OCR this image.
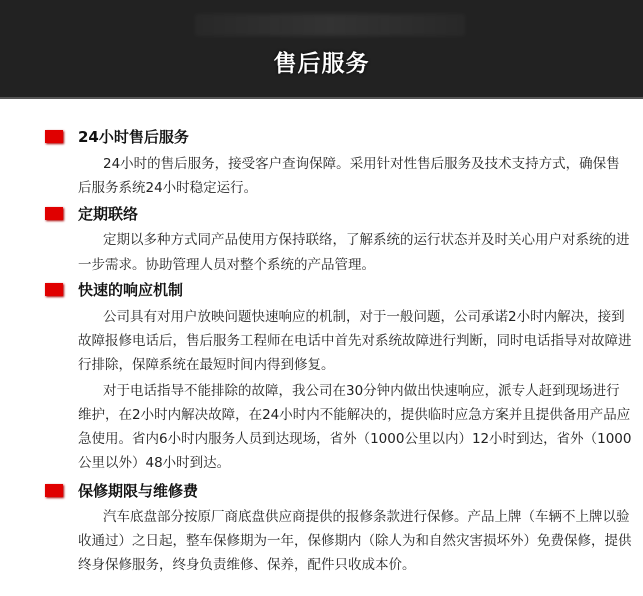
售后服务
24小时售后服务
24小时的售后服务，接受客户查询保障。采用针对性售后服务及技术支持方式，确保售
后服务系统24小时稳定运行。
定期联络
定期以多种方式同产品使用方保持联络，了解系统的运行状态并及时关心用户对系统的进
一步需求。协助管理人员对整个系统的产品管理。
快速的响应机制
公司具有对用户放映问题快速响应的机制，对于一般问题，公司承诺2小时内解决，接到
故障报修电话后，售后服务工程师在电话中首先对系统故障进行判断，同时电话指导对故障进
行排除，保障系统在最短时间内得到修复。
对于电话指导不能排除的故障，我公司在30分钟内做出快速响应，派专人赶到现场进行
维护，在2小时内解决故障，在24小时内不能解决的，提供临时应急方案并且提供备用产品应
急使用。省内6小时内服务人员到达现场，省外（1000公里以内）12小时到达，省外（1000
公里以外）48小时到达。
保修期限与维修费
汽车底盘部分按原厂商底盘供应商提供的报修条款进行保修。产品上牌（车辆不上牌以验
收通过）之日起，整车保修期为一年，保修期内（除人为和自然灾害损坏外）免费保修，提供
终身保修服务，终身负责维修、保养，配件只收成本价。
